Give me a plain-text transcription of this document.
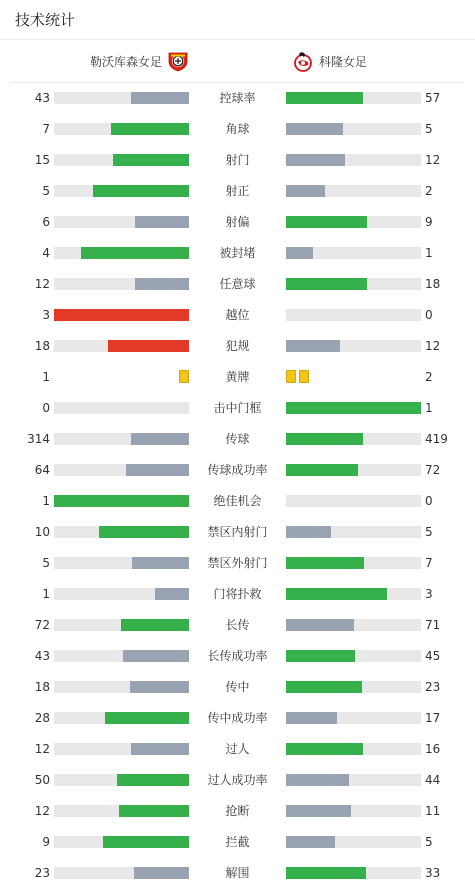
技术统计
勒沃库森女足	科隆女足
43	控球率	57
7	角球	5
15	射门	12
5	射正	2
6	射偏	9
4	被封堵	1
12	任意球	18
3	越位	0
18	犯规	12
1	黄牌	2
0	击中门框	1
314	传球	419
64	传球成功率	72
1	绝佳机会	0
10	禁区内射门	5
5	禁区外射门	7
1	门将扑救	3
72	长传	71
43	长传成功率	45
18	传中	23
28	传中成功率	17
12	过人	16
50	过人成功率	44
12	抢断	11
9	拦截	5
23	解围	33
